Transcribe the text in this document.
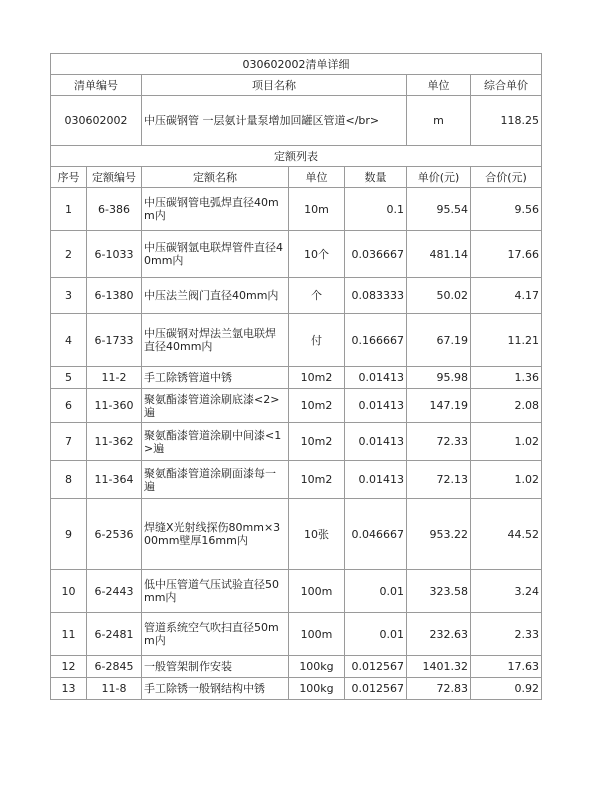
030602002清单详细						
清单编号		项目名称			单位	综合单价
030602002		中压碳钢管 一层氨计量泵增加回罐区管道</br>			m	118.25
定额列表						
序号	定额编号	定额名称	单位	数量	单价(元)	合价(元)
1	6-386	中压碳钢管电弧焊直径40mm内	10m	0.1	95.54	9.56
2	6-1033	中压碳钢氩电联焊管件直径40mm内	10个	0.036667	481.14	17.66
3	6-1380	中压法兰阀门直径40mm内	个	0.083333	50.02	4.17
4	6-1733	中压碳钢对焊法兰氩电联焊直径40mm内	付	0.166667	67.19	11.21
5	11-2	手工除锈管道中锈	10m2	0.01413	95.98	1.36
6	11-360	聚氨酯漆管道涂刷底漆<2>遍	10m2	0.01413	147.19	2.08
7	11-362	聚氨酯漆管道涂刷中间漆<1>遍	10m2	0.01413	72.33	1.02
8	11-364	聚氨酯漆管道涂刷面漆每一遍	10m2	0.01413	72.13	1.02
9	6-2536	焊缝X光射线探伤80mm×300mm壁厚16mm内	10张	0.046667	953.22	44.52
10	6-2443	低中压管道气压试验直径50mm内	100m	0.01	323.58	3.24
11	6-2481	管道系统空气吹扫直径50mm内	100m	0.01	232.63	2.33
12	6-2845	一般管架制作安装	100kg	0.012567	1401.32	17.63
13	11-8	手工除锈一般钢结构中锈	100kg	0.012567	72.83	0.92
